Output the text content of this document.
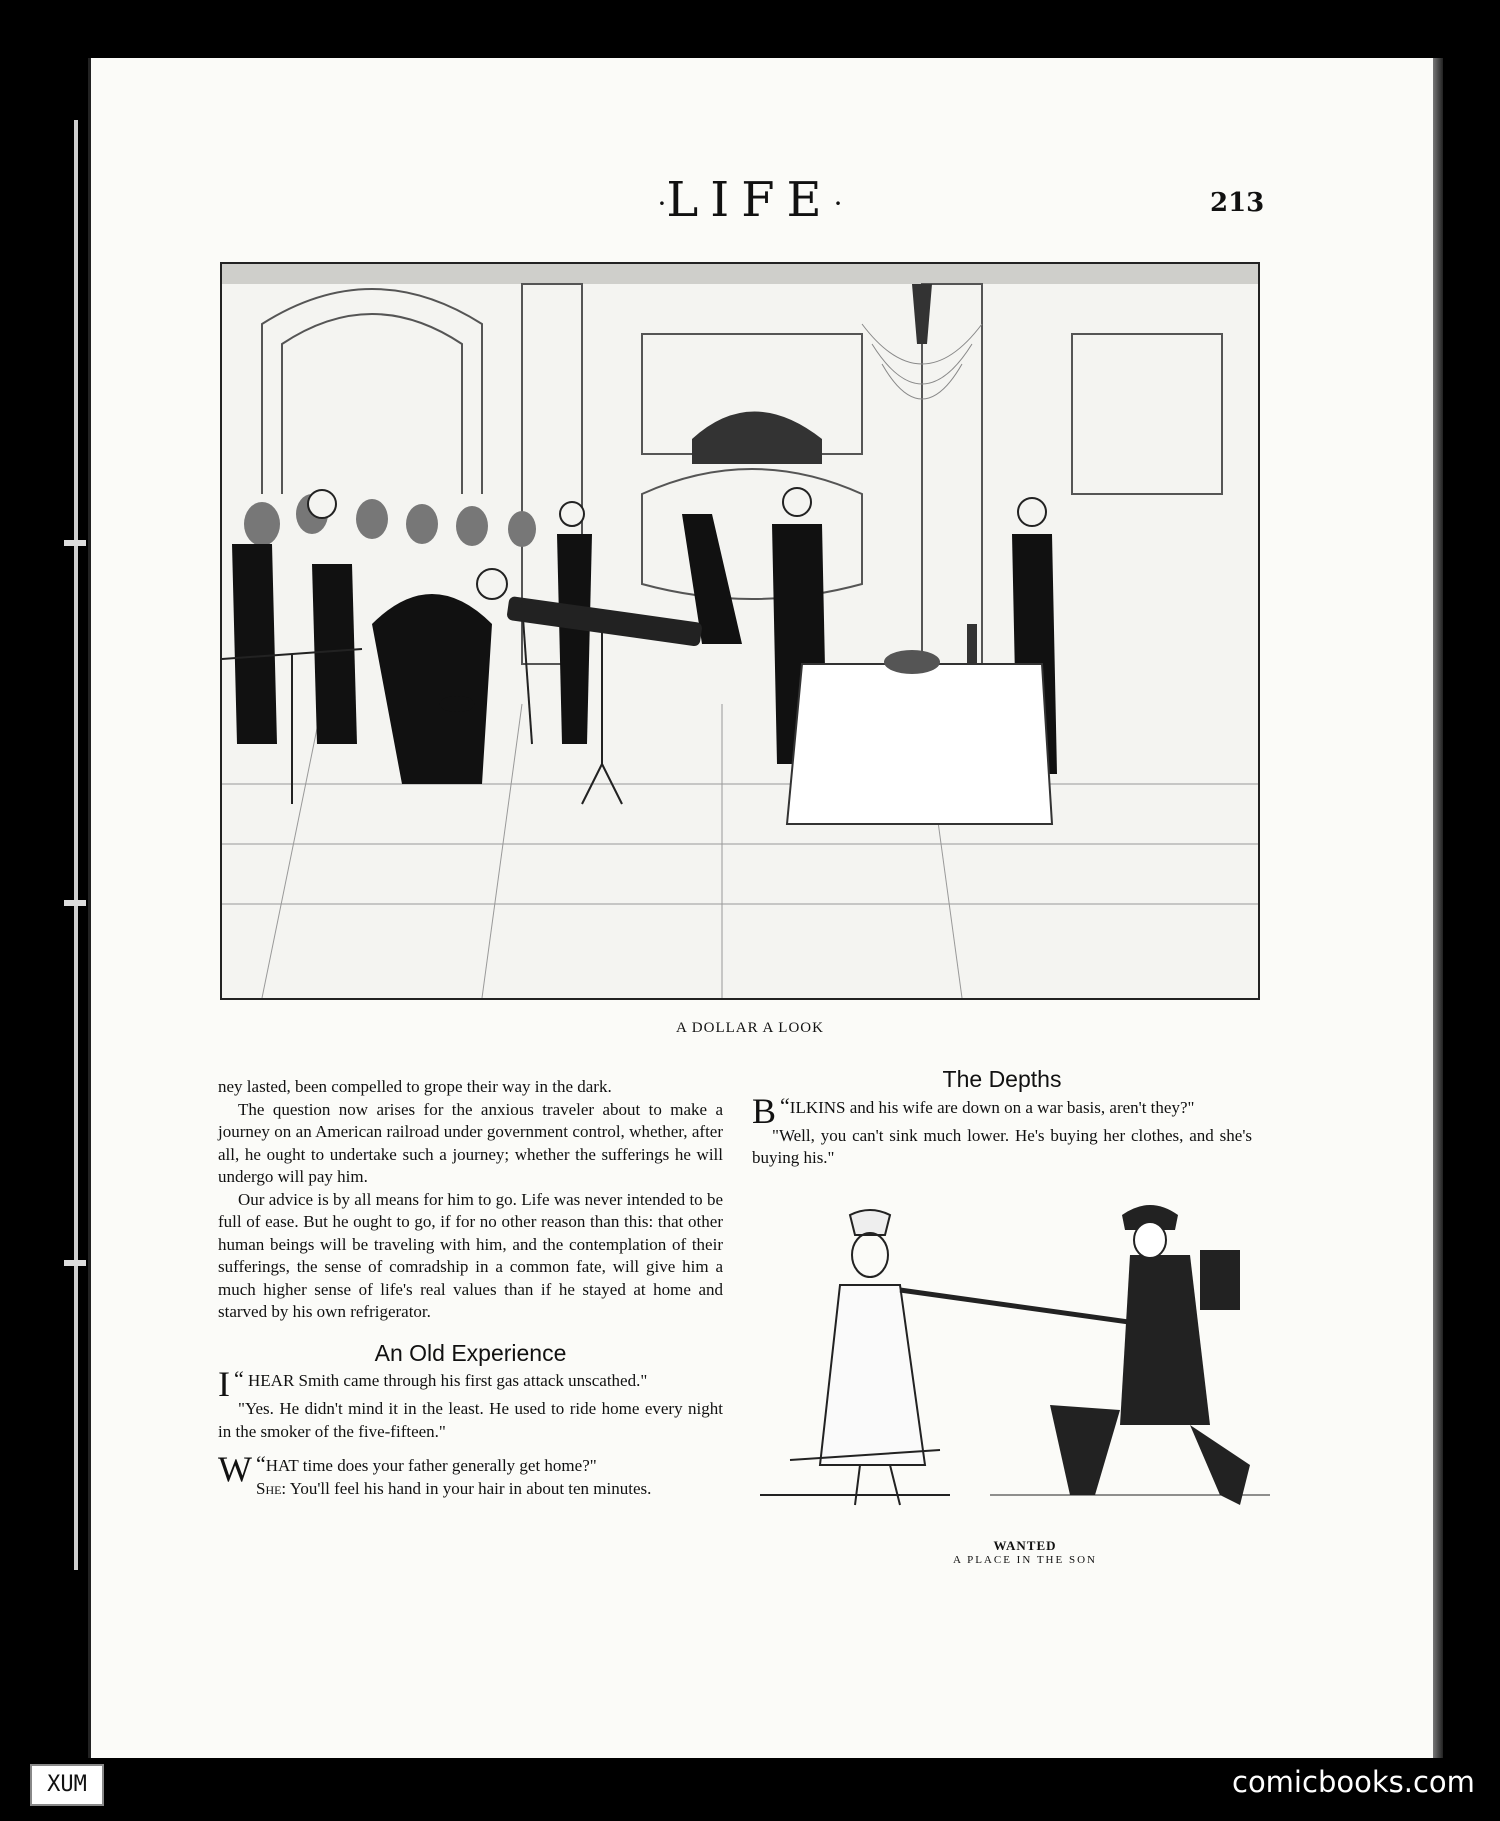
·LIFE·	213
A DOLLAR A LOOK

ney lasted, been compelled to grope their way in the dark.

The question now arises for the anxious traveler about to make a journey on an American railroad under government control, whether, after all, he ought to undertake such a journey; whether the sufferings he will undergo will pay him.

Our advice is by all means for him to go. Life was never intended to be full of ease. But he ought to go, if for no other reason than this: that other human beings will be traveling with him, and the contemplation of their sufferings, the sense of comradship in a common fate, will give him a much higher sense of life's real values than if he stayed at home and starved by his own refrigerator.

An Old Experience

“
I HEAR Smith came through his first gas attack unscathed."

"Yes. He didn't mind it in the least. He used to ride home every night in the smoker of the five-fifteen."

“
W HAT time does your father generally get home?"
She: You'll feel his hand in your hair in about ten minutes.

The Depths

“
B ILKINS and his wife are down on a war basis, aren't they?"

"Well, you can't sink much lower. He's buying her clothes, and she's buying his."

WANTED
A PLACE IN THE SON
XUM	comicbooks.com
